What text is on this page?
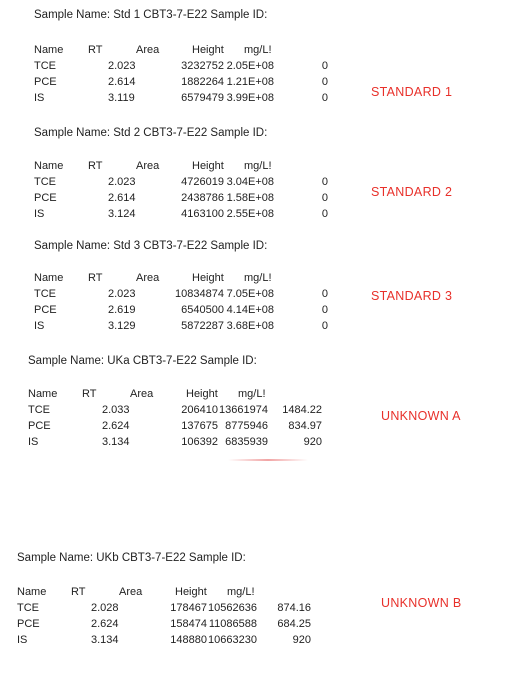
Sample Name: Std 1 CBT3-7-E22 Sample ID:
Name RT	Area	Height mg/L!
TCE	2.023	3232752 2.05E+08	0
PCE	2.614	1882264 1.21E+08	0
IS	3.119	6579479 3.99E+08	0	STANDARD 1
Sample Name: Std 2 CBT3-7-E22 Sample ID:
Name RT	Area	Height mg/L!
TCE	2.023	4726019 3.04E+08	0
PCE	2.614	2438786 1.58E+08	0
IS	3.124	4163100 2.55E+08	0
STANDARD 2
Sample Name: Std 3 CBT3-7-E22 Sample ID:
Name RT	Area	Height mg/L!
TCE	2.023	10834874 7.05E+08	0
PCE	2.619	6540500 4.14E+08	0
IS	3.129	5872287 3.68E+08	0
STANDARD 3
Sample Name: UKa CBT3-7-E22 Sample ID:
Name RT	Area	Height mg/L!
TCE	2.033	206410 13661974 1484.22
PCE	2.624	137675 8775946 834.97
IS	3.134	106392 6835939	920
UNKNOWN A
Sample Name: UKb CBT3-7-E22 Sample ID:
Name RT	Area	Height mg/L!
TCE	2.028	178467 10562636 874.16
PCE	2.624	158474 11086588 684.25
IS	3.134	148880 10663230	920
UNKNOWN B
